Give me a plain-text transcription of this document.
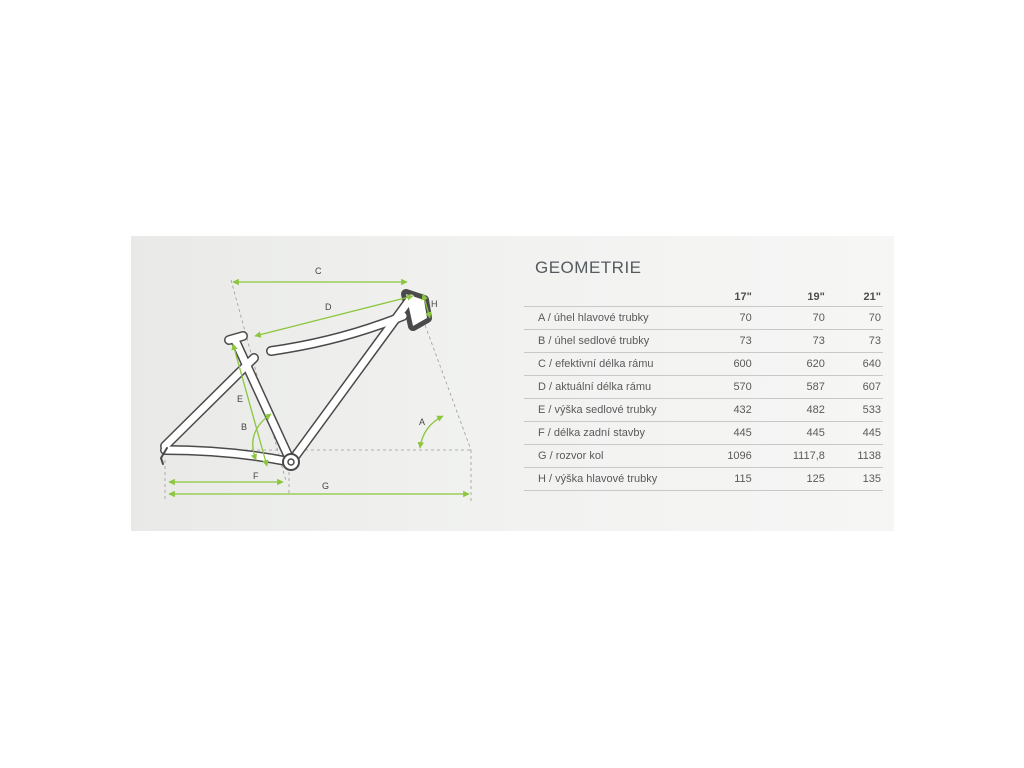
C
D
E
B
F
G
A
H
GEOMETRIE
	17"	19"	21"
A / úhel hlavové trubky	70	70	70
B / úhel sedlové trubky	73	73	73
C / efektivní délka rámu	600	620	640
D / aktuální délka rámu	570	587	607
E / výška sedlové trubky	432	482	533
F / délka zadní stavby	445	445	445
G / rozvor kol	1096	1117,8	1138
H / výška hlavové trubky	115	125	135
